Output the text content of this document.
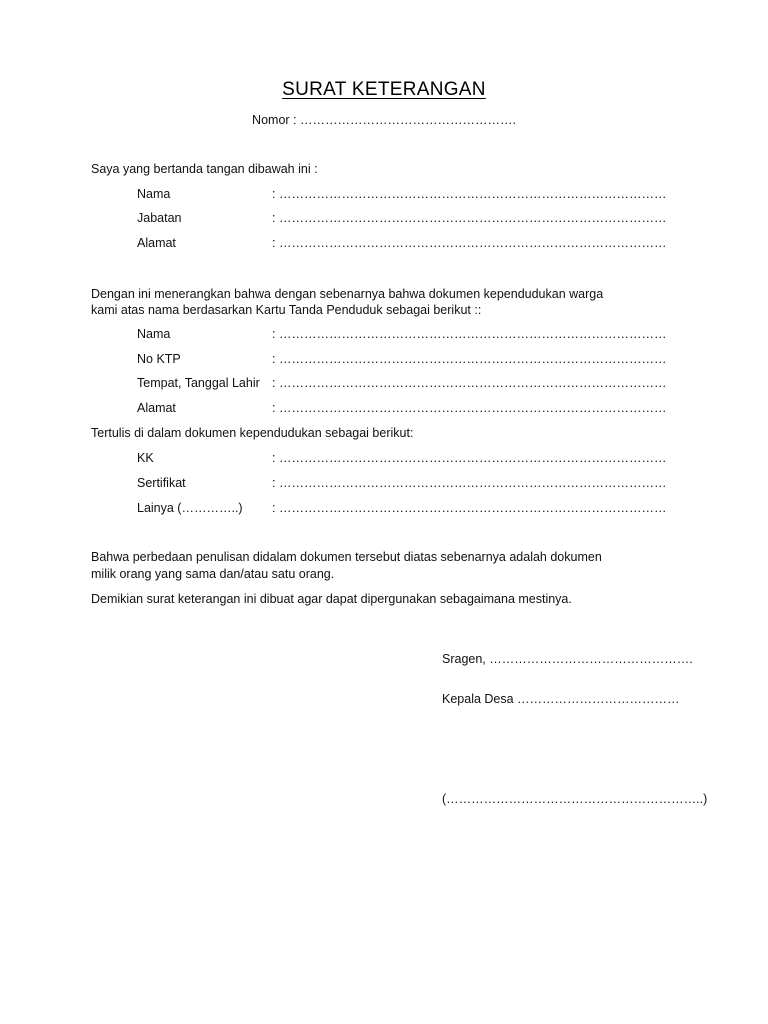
SURAT KETERANGAN
Nomor : …………………………………………….
Saya yang bertanda tangan dibawah ini :
Nama	: …………………………………………………………………………………
Jabatan	: …………………………………………………………………………………
Alamat	: …………………………………………………………………………………
Dengan ini menerangkan bahwa dengan sebenarnya bahwa dokumen kependudukan warga
kami atas nama berdasarkan Kartu Tanda Penduduk sebagai berikut ::
Nama	: …………………………………………………………………………………
No KTP	: …………………………………………………………………………………
Tempat, Tanggal Lahir : …………………………………………………………………………………
Alamat	: …………………………………………………………………………………
Tertulis di dalam dokumen kependudukan sebagai berikut:
KK	: …………………………………………………………………………………
Sertifikat	: …………………………………………………………………………………
Lainya (…………..) : …………………………………………………………………………………
Bahwa perbedaan penulisan didalam dokumen tersebut diatas sebenarnya adalah dokumen
milik orang yang sama dan/atau satu orang.
Demikian surat keterangan ini dibuat agar dapat dipergunakan sebagaimana mestinya.
Sragen, ………………………………………….
Kepala Desa …………………………………
(……………………………………………………..)
